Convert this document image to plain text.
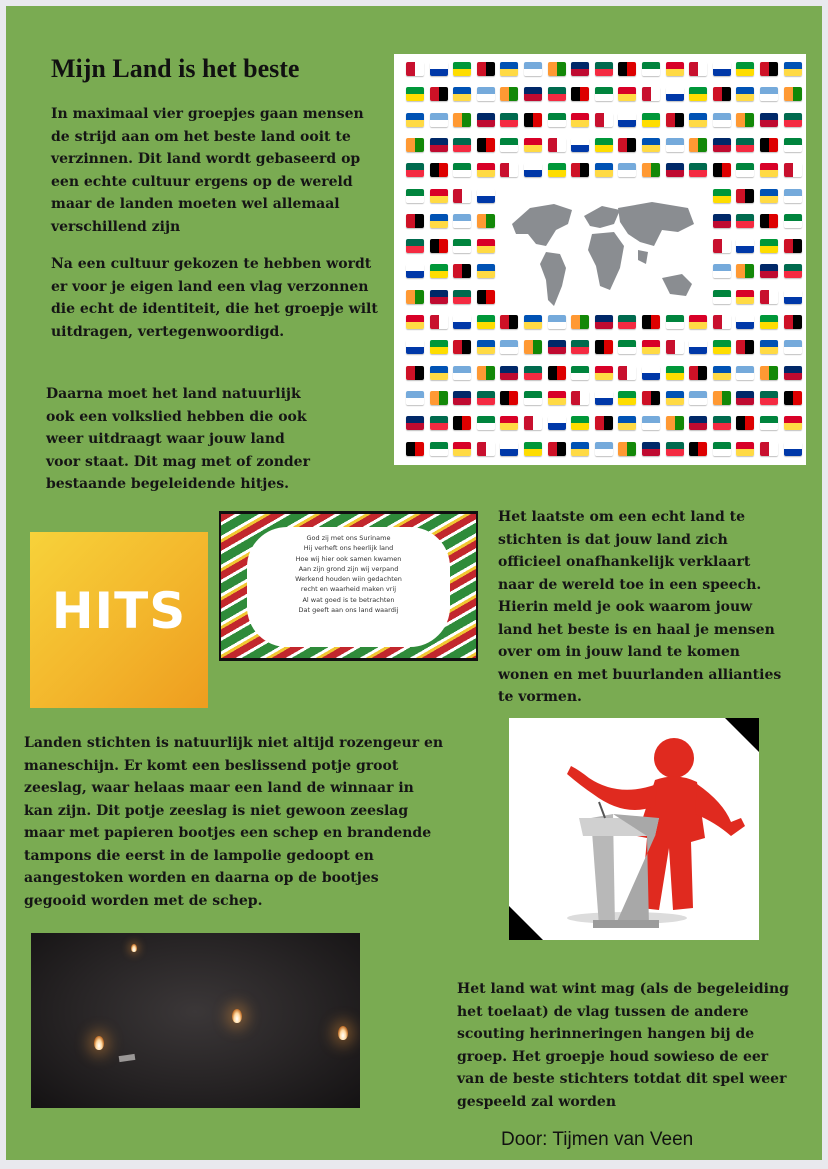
Mijn Land is het beste

In maximaal vier groepjes gaan mensen de strijd aan om het beste land ooit te verzinnen. Dit land wordt gebaseerd op een echte cultuur ergens op de wereld maar de landen moeten wel allemaal verschillend zijn

Na een cultuur gekozen te hebben wordt er voor je eigen land een vlag verzonnen die echt de identiteit, die het groepje wilt uitdragen, vertegenwoordigd.

Daarna moet het land natuurlijk ook een volkslied hebben die ook weer uitdraagt waar jouw land voor staat. Dit mag met of zonder bestaande begeleidende hitjes.

Het laatste om een echt land te stichten is dat jouw land zich officieel onafhankelijk verklaart naar de wereld toe in een speech. Hierin meld je ook waarom jouw land het beste is en haal je mensen over om in jouw land te komen wonen en met buurlanden allianties te vormen.

Landen stichten is natuurlijk niet altijd rozengeur en maneschijn. Er komt een beslissend potje groot zeeslag, waar helaas maar een land de winnaar in kan zijn. Dit potje zeeslag is niet gewoon zeeslag maar met papieren bootjes een schep en brandende tampons die eerst in de lampolie gedoopt en aangestoken worden en daarna op de bootjes gegooid worden met de schep.

Het land wat wint mag (als de begeleiding het toelaat) de vlag tussen de andere scouting herinneringen hangen bij de groep. Het groepje houd sowieso de eer van de beste stichters totdat dit spel weer gespeeld zal worden

HITS
God zij met ons Suriname
Hij verheft ons heerlijk land
Hoe wij hier ook samen kwamen
Aan zijn grond zijn wij verpand
Werkend houden wiin gedachten
recht en waarheid maken vrij
Al wat goed is te betrachten
Dat geeft aan ons land waardij
Door: Tijmen van Veen
